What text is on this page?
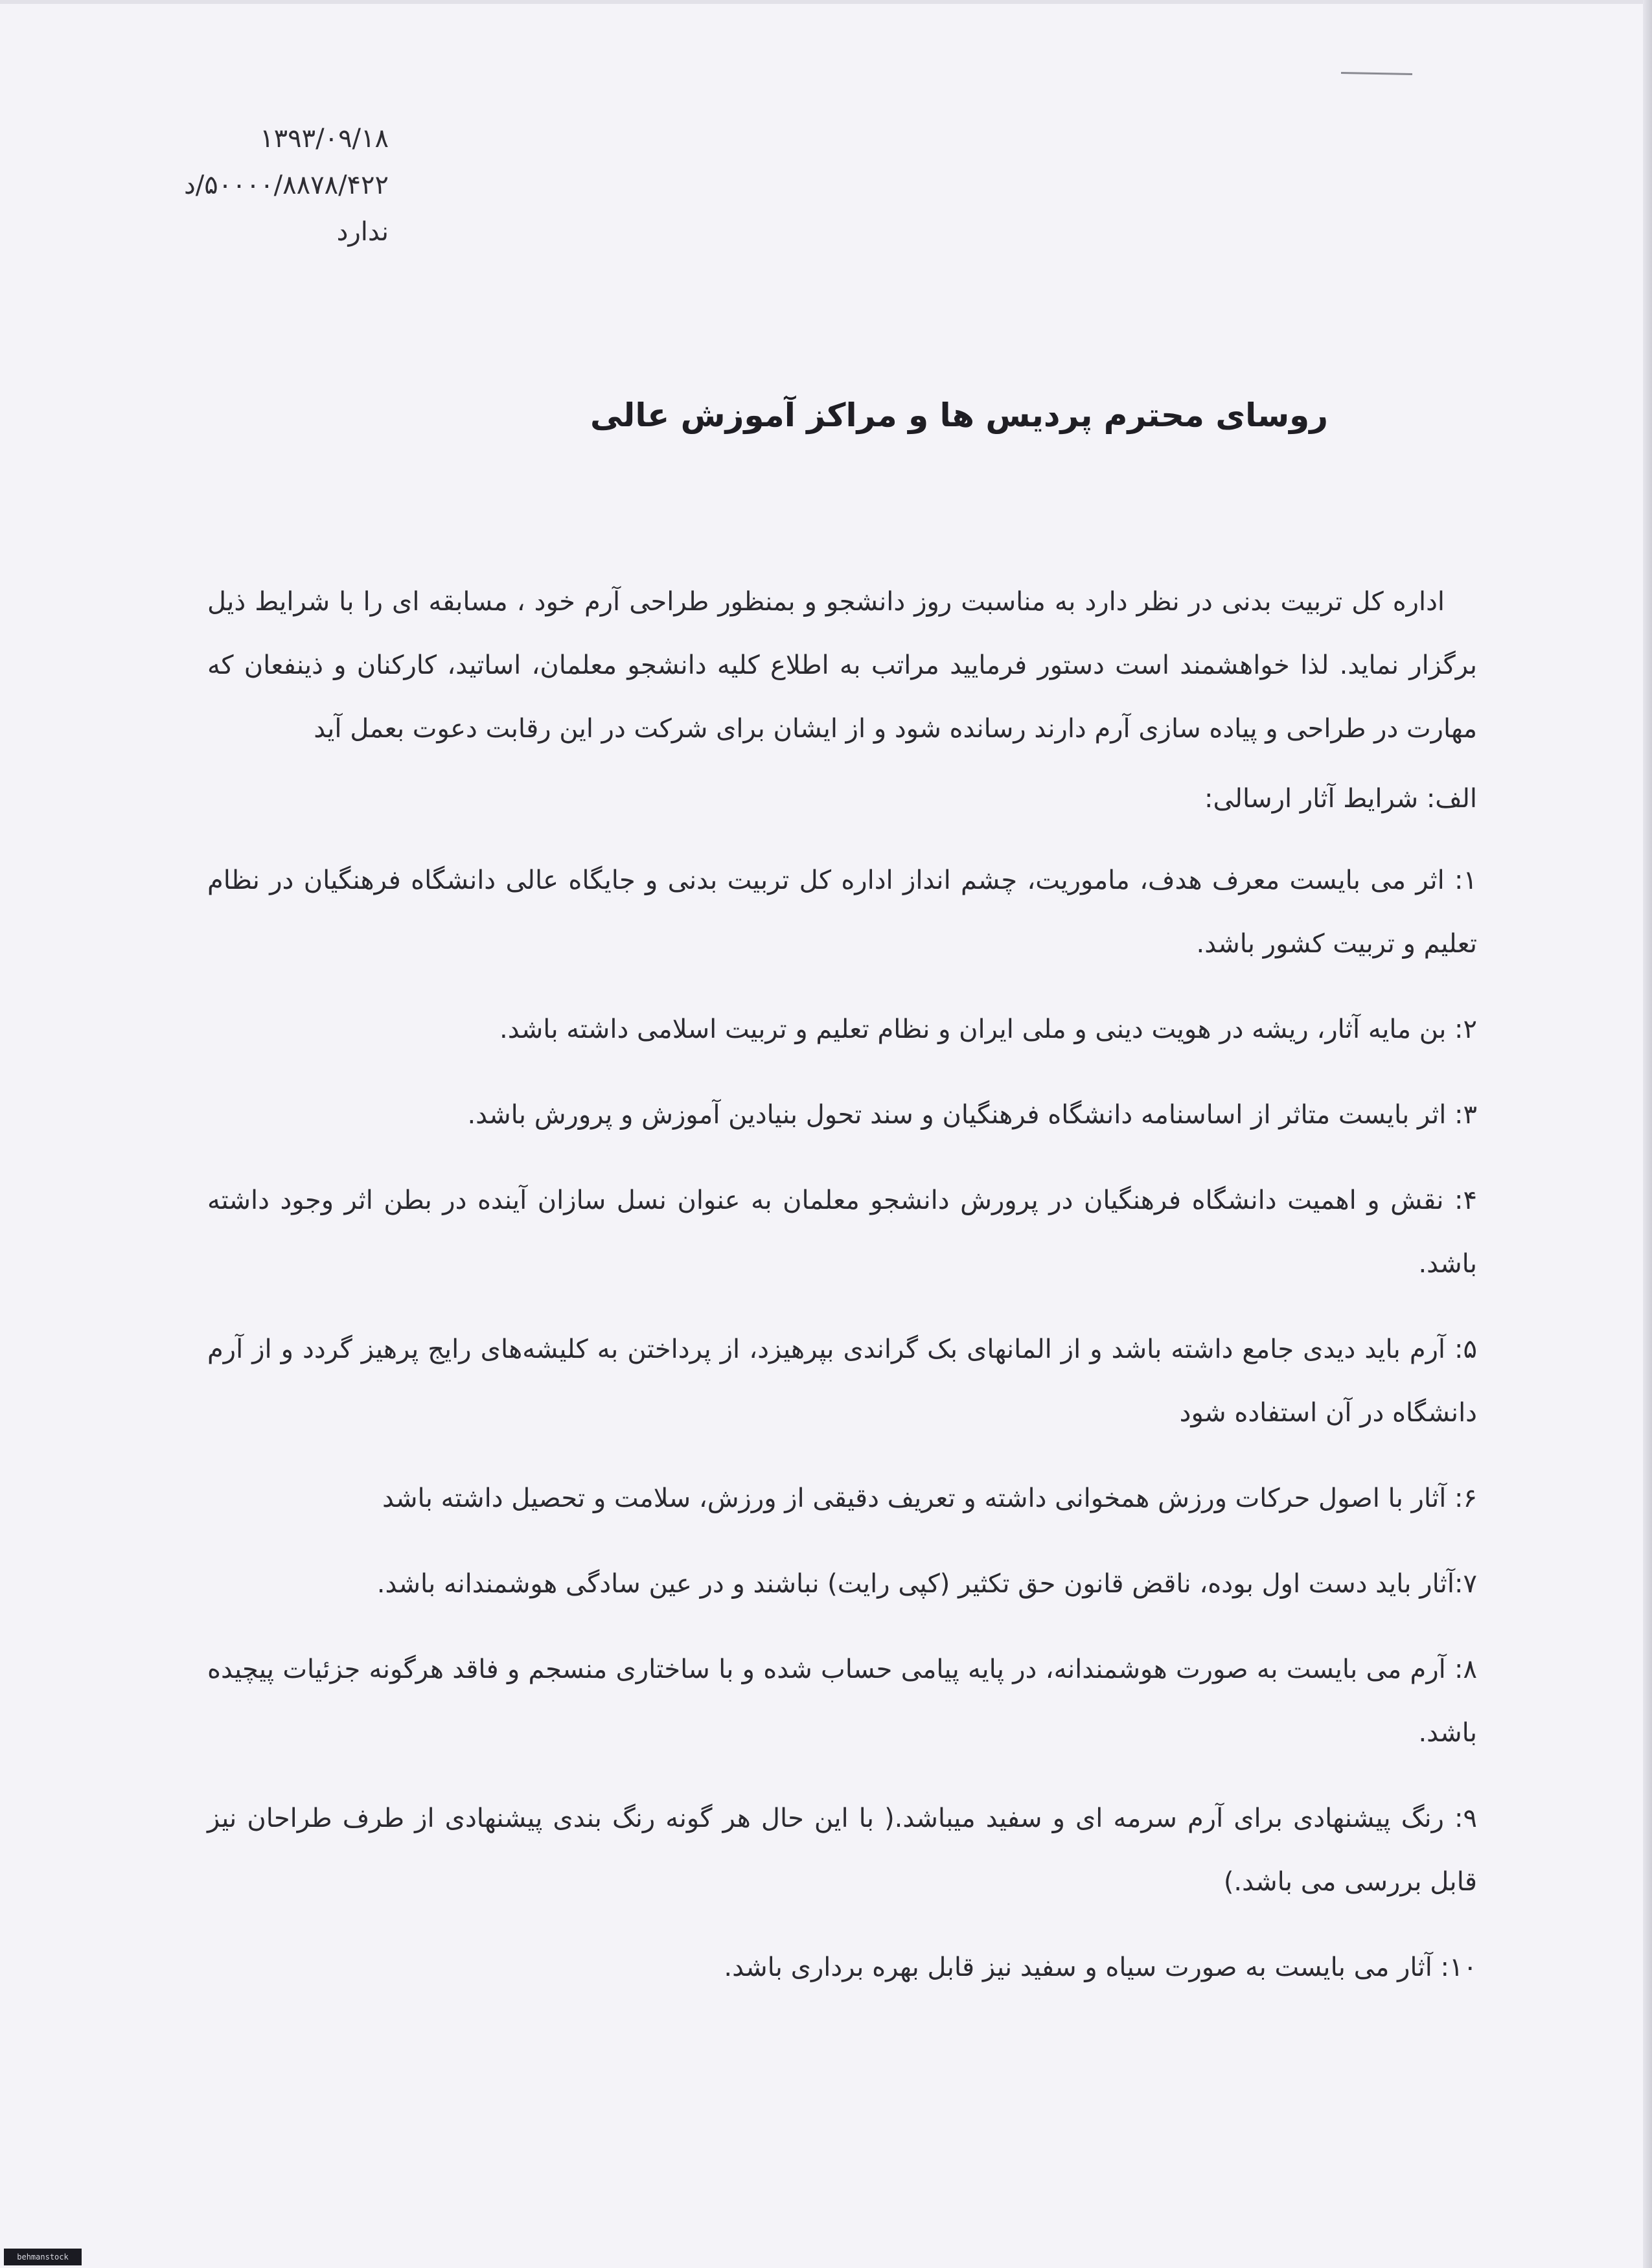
۱۳۹۳/۰۹/۱۸
۵۰۰۰۰/۸۸۷۸/۴۲۲/د
ندارد
روسای محترم پردیس ها و مراکز آموزش عالی

اداره کل تربیت بدنی در نظر دارد به مناسبت روز دانشجو و بمنظور طراحی آرم خود ، مسابقه ای را با شرایط ذیل برگزار نماید. لذا خواهشمند است دستور فرمایید مراتب به اطلاع کلیه دانشجو معلمان، اساتید، کارکنان و ذینفعان که مهارت در طراحی و پیاده سازی آرم دارند رسانده شود و از ایشان برای شرکت در این رقابت دعوت بعمل آید

الف: شرایط آثار ارسالی:

۱: اثر می بایست معرف هدف، ماموریت، چشم انداز اداره کل تربیت بدنی و جایگاه عالی دانشگاه فرهنگیان در نظام تعلیم و تربیت کشور باشد.

۲: بن مایه آثار، ریشه در هویت دینی و ملی ایران و نظام تعلیم و تربیت اسلامی داشته باشد.

۳: اثر بایست متاثر از اساسنامه دانشگاه فرهنگیان و سند تحول بنیادین آموزش و پرورش باشد.

۴: نقش و اهمیت دانشگاه فرهنگیان در پرورش دانشجو معلمان به عنوان نسل سازان آینده در بطن اثر وجود داشته باشد.

۵: آرم باید دیدی جامع داشته باشد و از المانهای بک گراندی بپرهیزد، از پرداختن به کلیشه‌های رایج پرهیز گردد و از آرم دانشگاه در آن استفاده شود

۶: آثار با اصول حرکات ورزش همخوانی داشته و تعریف دقیقی از ورزش، سلامت و تحصیل داشته باشد

۷:آثار باید دست اول بوده، ناقض قانون حق تکثیر (کپی رایت) نباشند و در عین سادگی هوشمندانه باشد.

۸: آرم می بایست به صورت هوشمندانه، در پایه پیامی حساب شده و با ساختاری منسجم و فاقد هرگونه جزئیات پیچیده باشد.

۹: رنگ پیشنهادی برای آرم سرمه ای و سفید میباشد.( با این حال هر گونه رنگ بندی پیشنهادی از طرف طراحان نیز قابل بررسی می باشد.)

۱۰: آثار می بایست به صورت سیاه و سفید نیز قابل بهره برداری باشد.

behmanstock
